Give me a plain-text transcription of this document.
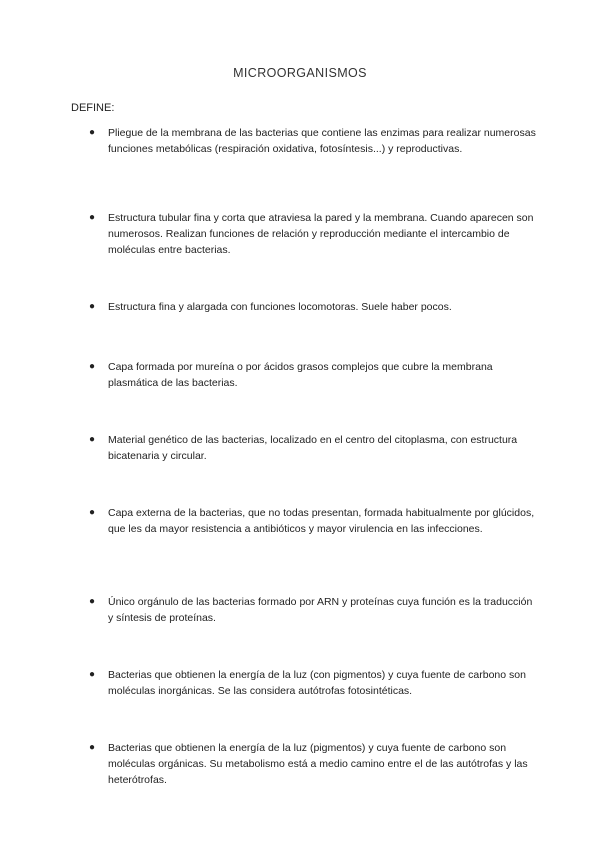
MICROORGANISMOS
DEFINE:
●	Pliegue de la membrana de las bacterias que contiene las enzimas para realizar numerosas funciones metabólicas (respiración oxidativa, fotosíntesis...) y reproductivas.
●	Estructura tubular fina y corta que atraviesa la pared y la membrana. Cuando aparecen son numerosos. Realizan funciones de relación y reproducción mediante el intercambio de moléculas entre bacterias.
●	Estructura fina y alargada con funciones locomotoras. Suele haber pocos.
●	Capa formada por mureína o por ácidos grasos complejos que cubre la membrana plasmática de las bacterias.
●	Material genético de las bacterias, localizado en el centro del citoplasma, con estructura bicatenaria y circular.
●	Capa externa de la bacterias, que no todas presentan, formada habitualmente por glúcidos, que les da mayor resistencia a antibióticos y mayor virulencia en las infecciones.
●	Único orgánulo de las bacterias formado por ARN y proteínas cuya función es la traducción y síntesis de proteínas.
●	Bacterias que obtienen la energía de la luz (con pigmentos) y cuya fuente de carbono son moléculas inorgánicas. Se las considera autótrofas fotosintéticas.
●	Bacterias que obtienen la energía de la luz (pigmentos) y cuya fuente de carbono son moléculas orgánicas. Su metabolismo está a medio camino entre el de las autótrofas y las heterótrofas.
